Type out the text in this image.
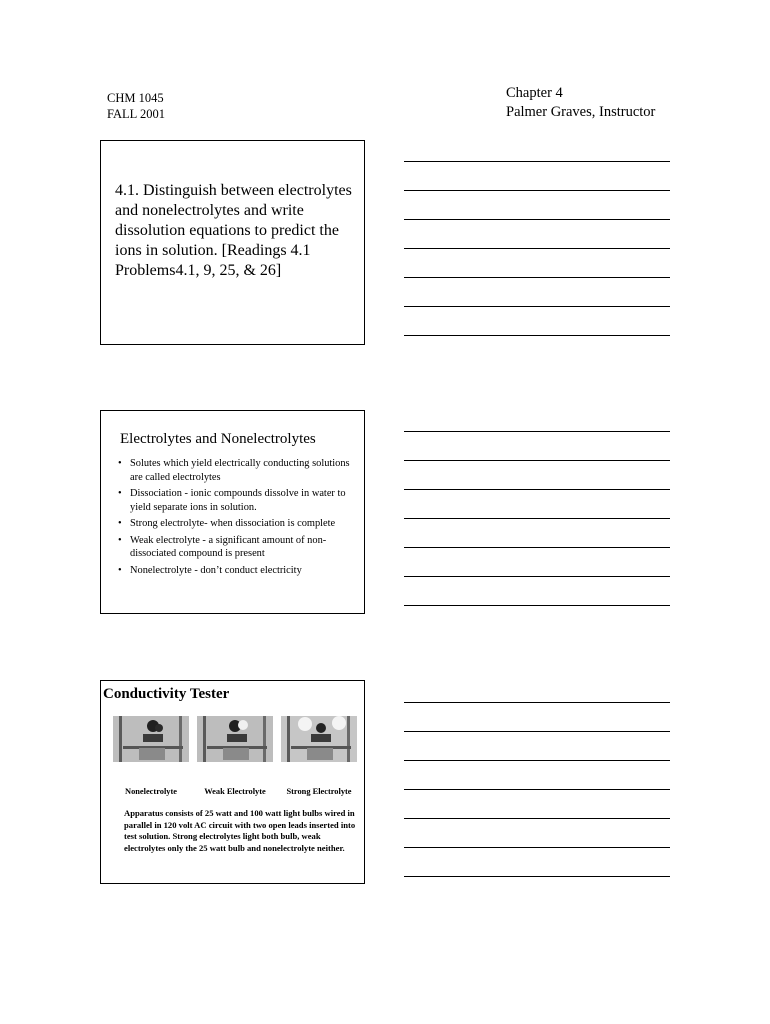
CHM 1045
FALL 2001
Chapter 4
Palmer Graves, Instructor

4.1. Distinguish between electrolytes and nonelectrolytes and write dissolution equations to predict the ions in solution. [Readings 4.1 Problems4.1, 9, 25, & 26]

Electrolytes and Nonelectrolytes
• Solutes which yield electrically conducting solutions are called electrolytes
• Dissociation - ionic compounds dissolve in water to yield separate ions in solution.
• Strong electrolyte- when dissociation is complete
• Weak electrolyte - a significant amount of non-dissociated compound is present
• Nonelectrolyte - don’t conduct electricity
Conductivity Tester
Nonelectrolyte	Weak Electrolyte	Strong Electrolyte

Apparatus consists of 25 watt and 100 watt light bulbs wired in parallel in 120 volt AC circuit with two open leads inserted into test solution. Strong electrolytes light both bulb, weak electrolytes only the 25 watt bulb and nonelectrolyte neither.
